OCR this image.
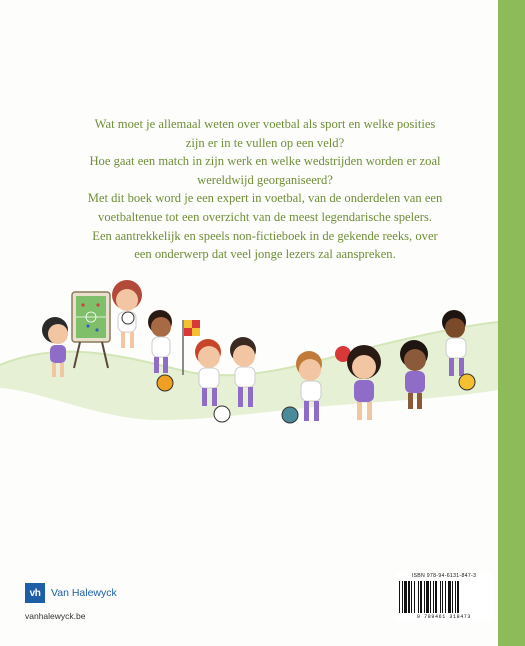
Wat moet je allemaal weten over voetbal als sport en welke posities

zijn er in te vullen op een veld?

Hoe gaat een match in zijn werk en welke wedstrijden worden er zoal

wereldwijd georganiseerd?

Met dit boek word je een expert in voetbal, van de onderdelen van een

voetbaltenue tot een overzicht van de meest legendarische spelers.

Een aantrekkelijk en speels non-fictieboek in de gekende reeks, over

een onderwerp dat veel jonge lezers zal aanspreken.

vh	Van Halewyck
vanhalewyck.be
ISBN 978-94-6131-847-3
9 789461 318473
